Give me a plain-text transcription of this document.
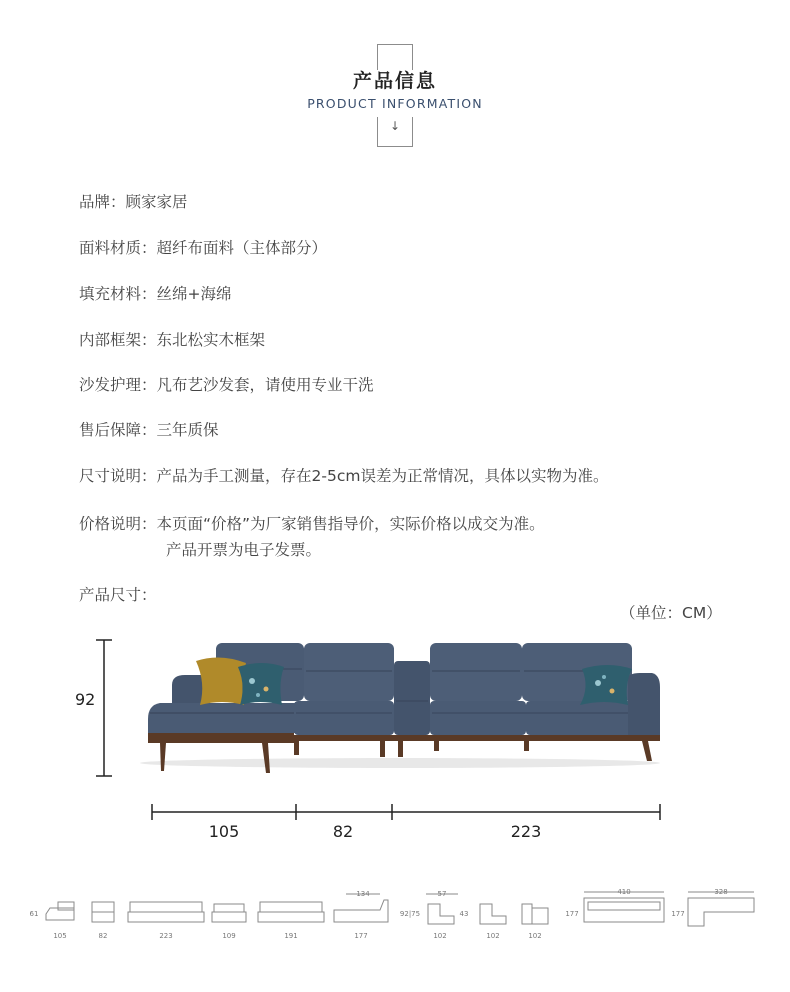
产品信息
PRODUCT INFORMATION
↓
品牌：顾家家居
面料材质：超纤布面料（主体部分）
填充材料：丝绵+海绵
内部框架：东北松实木框架
沙发护理：凡布艺沙发套，请使用专业干洗
售后保障：三年质保
尺寸说明：产品为手工测量，存在2-5cm误差为正常情况，具体以实物为准。
价格说明：本页面“价格”为厂家销售指导价，实际价格以成交为准。
产品开票为电子发票。
产品尺寸：
（单位：CM）
92
105	82	223
105	82	223	109	191	177	102	102	102
61	92|75	43	177	177
134	57	410	328
